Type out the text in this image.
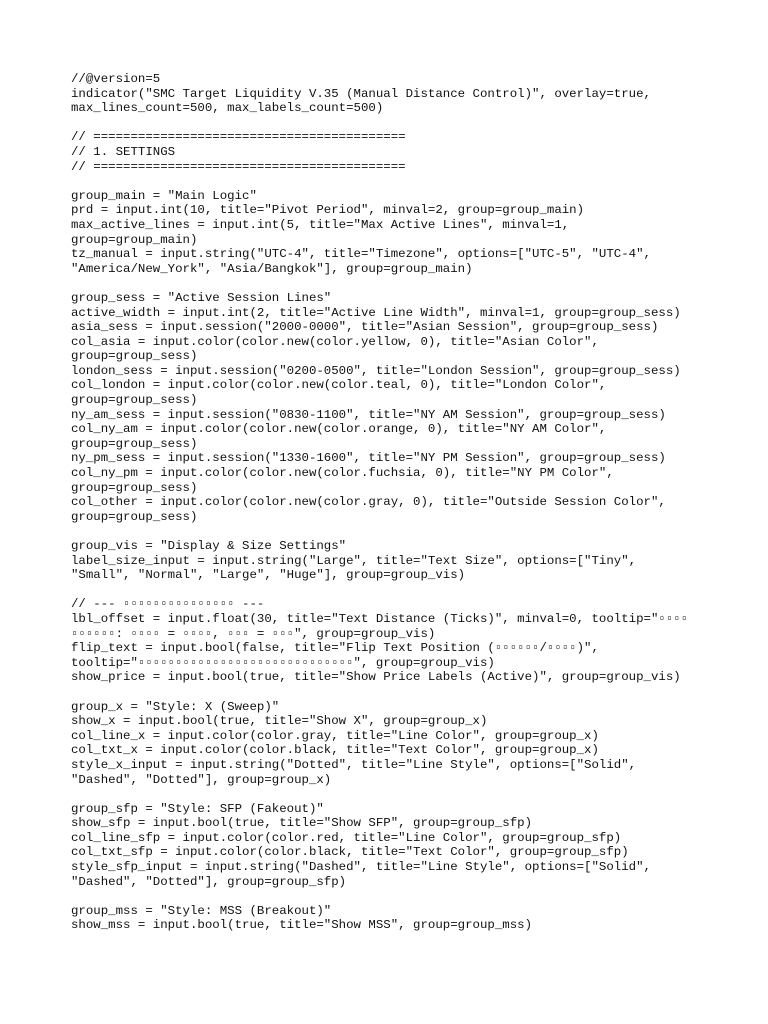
//@version=5
indicator("SMC Target Liquidity V.35 (Manual Distance Control)", overlay=true,
max_lines_count=500, max_labels_count=500)
// ==========================================
// 1. SETTINGS
// ==========================================
group_main = "Main Logic"
prd = input.int(10, title="Pivot Period", minval=2, group=group_main)
max_active_lines = input.int(5, title="Max Active Lines", minval=1,
group=group_main)
tz_manual = input.string("UTC-4", title="Timezone", options=["UTC-5", "UTC-4",
"America/New_York", "Asia/Bangkok"], group=group_main)
group_sess = "Active Session Lines"
active_width = input.int(2, title="Active Line Width", minval=1, group=group_sess)
asia_sess = input.session("2000-0000", title="Asian Session", group=group_sess)
col_asia = input.color(color.new(color.yellow, 0), title="Asian Color",
group=group_sess)
london_sess = input.session("0200-0500", title="London Session", group=group_sess)
col_london = input.color(color.new(color.teal, 0), title="London Color",
group=group_sess)
ny_am_sess = input.session("0830-1100", title="NY AM Session", group=group_sess)
col_ny_am = input.color(color.new(color.orange, 0), title="NY AM Color",
group=group_sess)
ny_pm_sess = input.session("1330-1600", title="NY PM Session", group=group_sess)
col_ny_pm = input.color(color.new(color.fuchsia, 0), title="NY PM Color",
group=group_sess)
col_other = input.color(color.new(color.gray, 0), title="Outside Session Color",
group=group_sess)
group_vis = "Display & Size Settings"
label_size_input = input.string("Large", title="Text Size", options=["Tiny",
"Small", "Normal", "Large", "Huge"], group=group_vis)
// --- ▫▫▫▫▫▫▫▫▫▫▫▫▫▫▫ ---
lbl_offset = input.float(30, title="Text Distance (Ticks)", minval=0, tooltip="▫▫▫▫
▫▫▫▫▫▫: ▫▫▫▫ = ▫▫▫▫, ▫▫▫ = ▫▫▫", group=group_vis)
flip_text = input.bool(false, title="Flip Text Position (▫▫▫▫▫▫/▫▫▫▫)",
tooltip="▫▫▫▫▫▫▫▫▫▫▫▫▫▫▫▫▫▫▫▫▫▫▫▫▫▫▫▫▫", group=group_vis)
show_price = input.bool(true, title="Show Price Labels (Active)", group=group_vis)
group_x = "Style: X (Sweep)"
show_x = input.bool(true, title="Show X", group=group_x)
col_line_x = input.color(color.gray, title="Line Color", group=group_x)
col_txt_x = input.color(color.black, title="Text Color", group=group_x)
style_x_input = input.string("Dotted", title="Line Style", options=["Solid",
"Dashed", "Dotted"], group=group_x)
group_sfp = "Style: SFP (Fakeout)"
show_sfp = input.bool(true, title="Show SFP", group=group_sfp)
col_line_sfp = input.color(color.red, title="Line Color", group=group_sfp)
col_txt_sfp = input.color(color.black, title="Text Color", group=group_sfp)
style_sfp_input = input.string("Dashed", title="Line Style", options=["Solid",
"Dashed", "Dotted"], group=group_sfp)
group_mss = "Style: MSS (Breakout)"
show_mss = input.bool(true, title="Show MSS", group=group_mss)
